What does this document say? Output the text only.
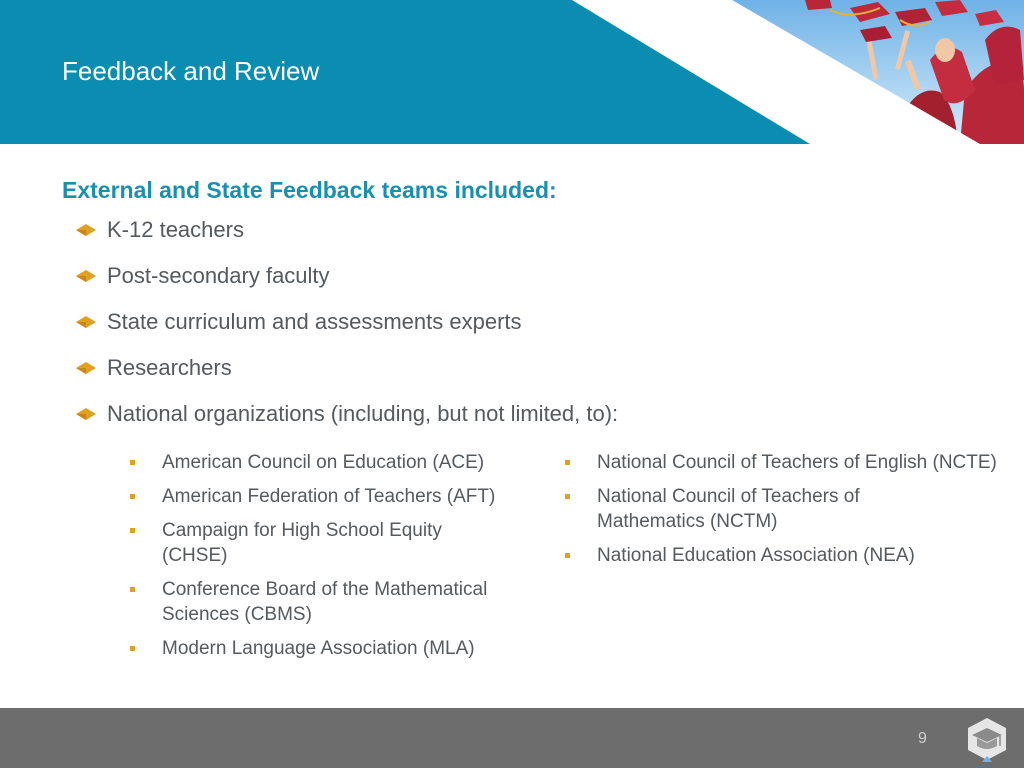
Feedback and Review
External and State Feedback teams included:
K-12 teachers
Post-secondary faculty
State curriculum and assessments experts
Researchers
National organizations (including, but not limited, to):
American Council on Education (ACE)
American Federation of Teachers (AFT)
Campaign for High School Equity (CHSE)
Conference Board of the Mathematical Sciences (CBMS)
Modern Language Association (MLA)
National Council of Teachers of English (NCTE)
National Council of Teachers of Mathematics (NCTM)
National Education Association (NEA)
9
